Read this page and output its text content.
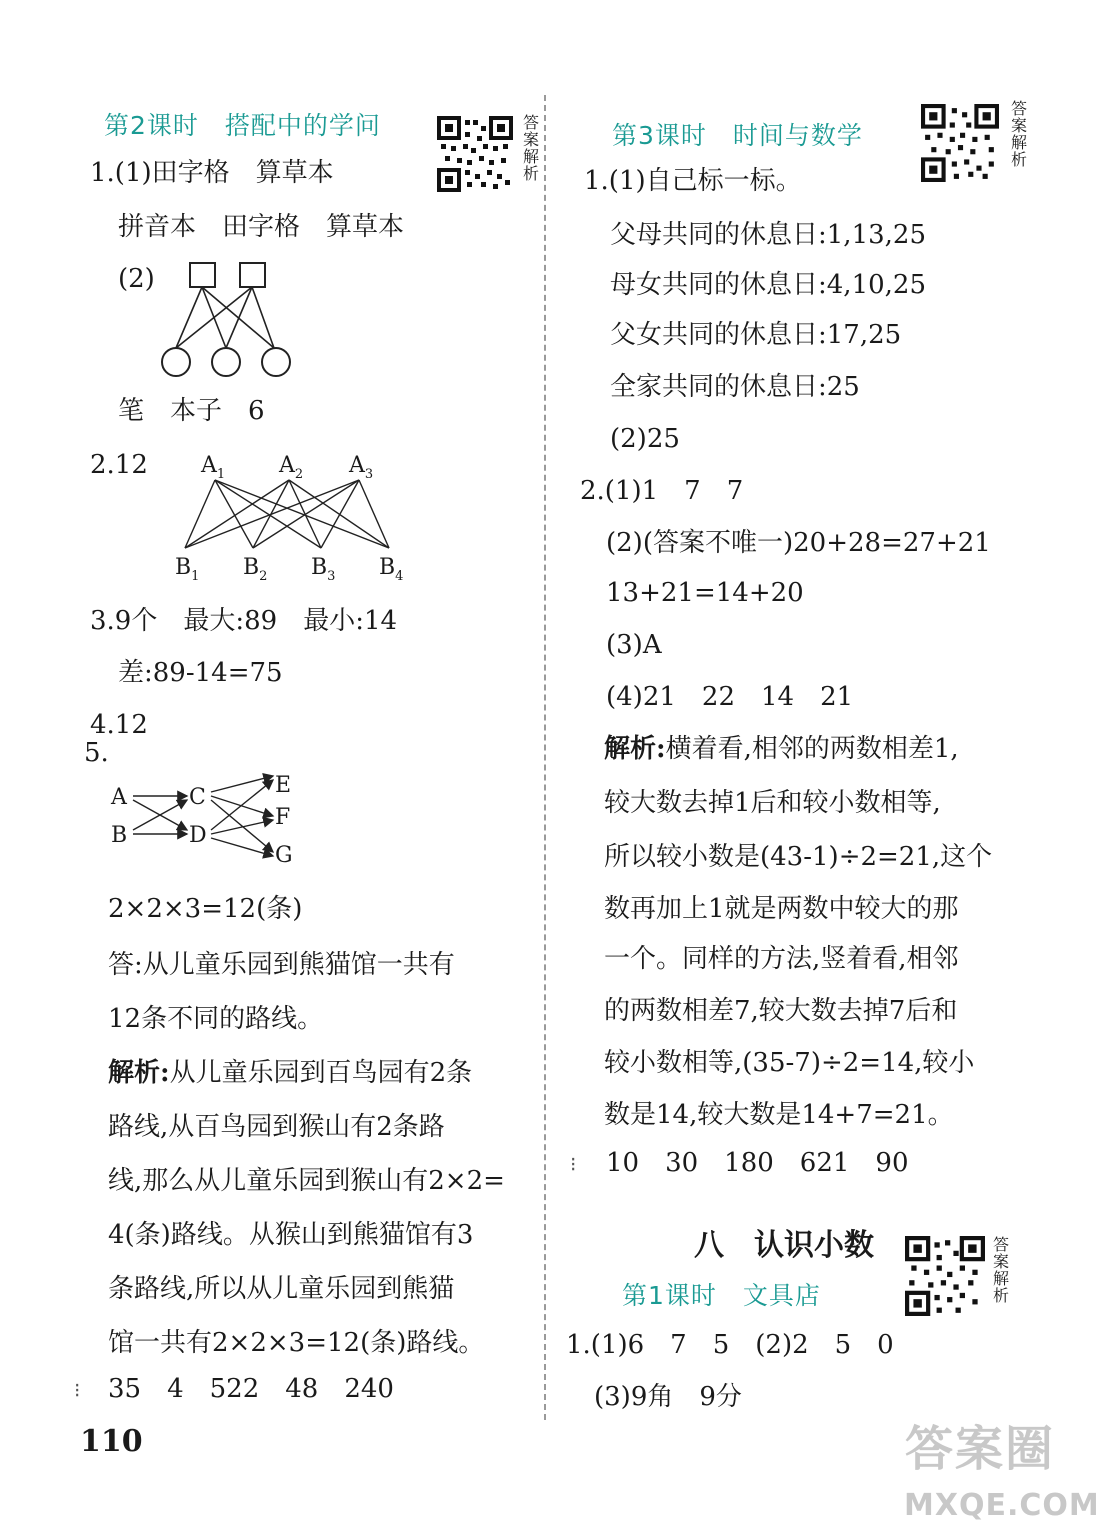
第2课时　搭配中的学问	答案解析
1.(1)田字格　算草本
拼音本　田字格　算草本
(2)
笔　本子　6
2.12 $A_1$ $A_2$ $A_3$
$B_1$ $B_2$ $B_3$ $B_4$
3.9个　最大:89　最小:14
差:89-14=75
4.12
5.
A
B
C
D
E
F
G
2×2×3=12(条)
答:从儿童乐园到熊猫馆一共有
12条不同的路线。
解析:从儿童乐园到百鸟园有2条
路线,从百鸟园到猴山有2条路
线,那么从儿童乐园到猴山有2×2=
4(条)路线。从猴山到熊猫馆有3
条路线,所以从儿童乐园到熊猫
馆一共有2×2×3=12(条)路线。
⁝ 35　4　522　48　240
110
第3课时　时间与数学
答案解析
1.(1)自己标一标。
父母共同的休息日:1,13,25
母女共同的休息日:4,10,25
父女共同的休息日:17,25
全家共同的休息日:25
(2)25
2.(1)1　7　7
(2)(答案不唯一)20+28=27+21
13+21=14+20
(3)A
(4)21　22　14　21
解析:横着看,相邻的两数相差1,
较大数去掉1后和较小数相等,
所以较小数是(43-1)÷2=21,这个
数再加上1就是两数中较大的那
一个。同样的方法,竖着看,相邻
的两数相差7,较大数去掉7后和
较小数相等,(35-7)÷2=14,较小
数是14,较大数是14+7=21。
⁝ 10　30　180　621　90
八　认识小数	答案解析
第1课时　文具店
1.(1)6　7　5　(2)2　5　0
(3)9角　9分
答案圈
MXQE.COM
